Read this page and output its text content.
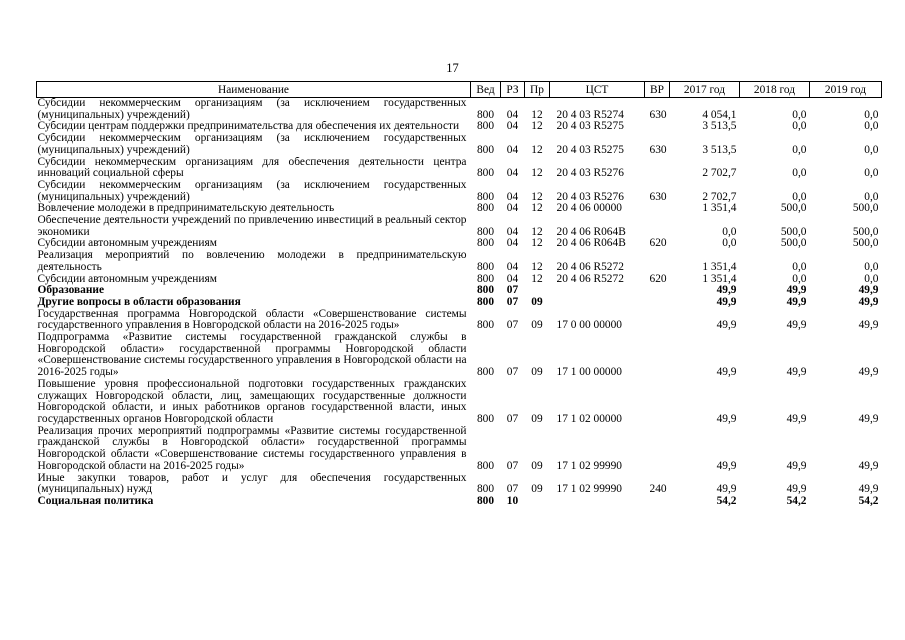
17
Наименование	Вед	РЗ	Пр	ЦСТ	ВР	2017 год	2018 год	2019 год
Субсидии некоммерческим организациям (за исключением государственных (муниципальных) учреждений)	800	04	12	20 4 03 R5274	630	4 054,1	0,0	0,0
Субсидии центрам поддержки предпринимательства для обеспечения их деятельности	800	04	12	20 4 03 R5275		3 513,5	0,0	0,0
Субсидии некоммерческим организациям (за исключением государственных (муниципальных) учреждений)	800	04	12	20 4 03 R5275	630	3 513,5	0,0	0,0
Субсидии некоммерческим организациям для обеспечения деятельности центра инноваций социальной сферы	800	04	12	20 4 03 R5276		2 702,7	0,0	0,0
Субсидии некоммерческим организациям (за исключением государственных (муниципальных) учреждений)	800	04	12	20 4 03 R5276	630	2 702,7	0,0	0,0
Вовлечение молодежи в предпринимательскую деятельность	800	04	12	20 4 06 00000		1 351,4	500,0	500,0
Обеспечение деятельности учреждений по привлечению инвестиций в реальный сектор экономики	800	04	12	20 4 06 R064B		0,0	500,0	500,0
Субсидии автономным учреждениям	800	04	12	20 4 06 R064B	620	0,0	500,0	500,0
Реализация мероприятий по вовлечению молодежи в предпринимательскую деятельность	800	04	12	20 4 06 R5272		1 351,4	0,0	0,0
Субсидии автономным учреждениям	800	04	12	20 4 06 R5272	620	1 351,4	0,0	0,0
Образование	800	07				49,9	49,9	49,9
Другие вопросы в области образования	800	07	09			49,9	49,9	49,9
Государственная программа Новгородской области «Совершенствование системы государственного управления в Новгородской области на 2016-2025 годы»	800	07	09	17 0 00 00000		49,9	49,9	49,9
Подпрограмма «Развитие системы государственной гражданской службы в Новгородской области» государственной программы Новгородской области «Совершенствование системы государственного управления в Новгородской области на 2016-2025 годы»	800	07	09	17 1 00 00000		49,9	49,9	49,9
Повышение уровня профессиональной подготовки государственных гражданских служащих Новгородской области, лиц, замещающих государственные должности Новгородской области, и иных работников органов государственной власти, иных государственных органов Новгородской области	800	07	09	17 1 02 00000		49,9	49,9	49,9
Реализация прочих мероприятий подпрограммы «Развитие системы государственной гражданской службы в Новгородской области» государственной программы Новгородской области «Совершенствование системы государственного управления в Новгородской области на 2016-2025 годы»	800	07	09	17 1 02 99990		49,9	49,9	49,9
Иные закупки товаров, работ и услуг для обеспечения государственных (муниципальных) нужд	800	07	09	17 1 02 99990	240	49,9	49,9	49,9
Социальная политика	800	10				54,2	54,2	54,2
